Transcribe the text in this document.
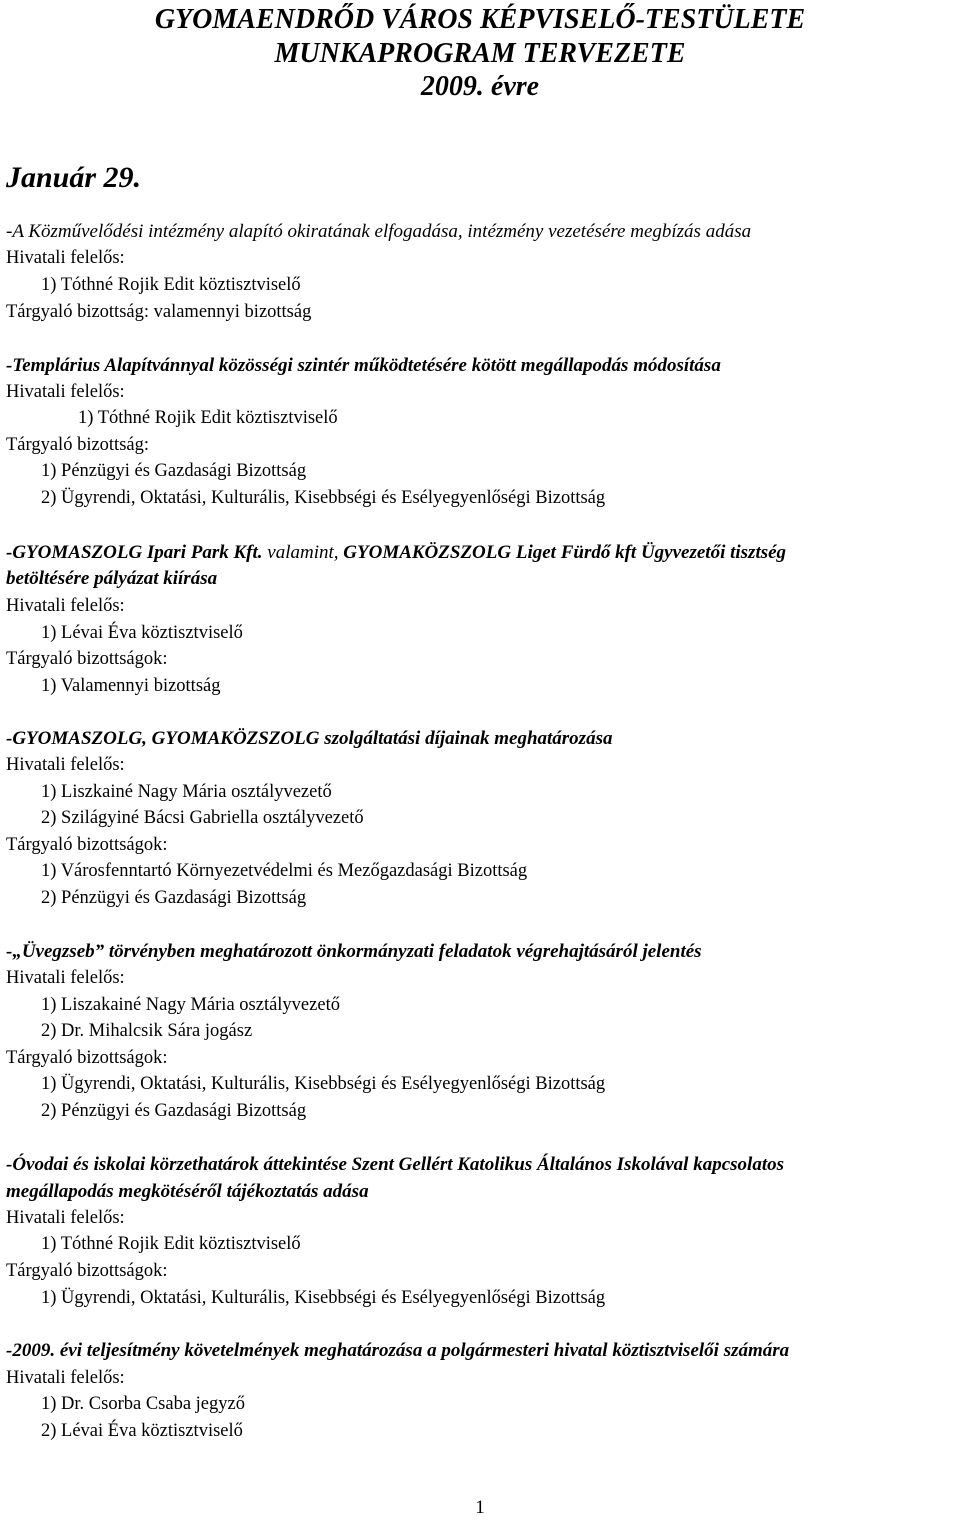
GYOMAENDRŐD VÁROS KÉPVISELŐ-TESTÜLETE
MUNKAPROGRAM TERVEZETE
2009. évre
Január 29.

-A Közművelődési intézmény alapító okiratának elfogadása, intézmény vezetésére megbízás adása

Hivatali felelős:

1) Tóthné Rojik Edit köztisztviselő

Tárgyaló bizottság: valamennyi bizottság

-Templárius Alapítvánnyal közösségi szintér működtetésére kötött megállapodás módosítása

Hivatali felelős:

1) Tóthné Rojik Edit köztisztviselő

Tárgyaló bizottság:

1) Pénzügyi és Gazdasági Bizottság

2) Ügyrendi, Oktatási, Kulturális, Kisebbségi és Esélyegyenlőségi Bizottság

-GYOMASZOLG Ipari Park Kft. valamint, GYOMAKÖZSZOLG Liget Fürdő kft Ügyvezetői tisztség

betöltésére pályázat kiírása

Hivatali felelős:

1) Lévai Éva köztisztviselő

Tárgyaló bizottságok:

1) Valamennyi bizottság

-GYOMASZOLG, GYOMAKÖZSZOLG szolgáltatási díjainak meghatározása

Hivatali felelős:

1) Liszkainé Nagy Mária osztályvezető

2) Szilágyiné Bácsi Gabriella osztályvezető

Tárgyaló bizottságok:

1) Városfenntartó Környezetvédelmi és Mezőgazdasági Bizottság

2) Pénzügyi és Gazdasági Bizottság

-„Üvegzseb” törvényben meghatározott önkormányzati feladatok végrehajtásáról jelentés

Hivatali felelős:

1) Liszakainé Nagy Mária osztályvezető

2) Dr. Mihalcsik Sára jogász

Tárgyaló bizottságok:

1) Ügyrendi, Oktatási, Kulturális, Kisebbségi és Esélyegyenlőségi Bizottság

2) Pénzügyi és Gazdasági Bizottság

-Óvodai és iskolai körzethatárok áttekintése Szent Gellért Katolikus Általános Iskolával kapcsolatos

megállapodás megkötéséről tájékoztatás adása

Hivatali felelős:

1) Tóthné Rojik Edit köztisztviselő

Tárgyaló bizottságok:

1) Ügyrendi, Oktatási, Kulturális, Kisebbségi és Esélyegyenlőségi Bizottság

-2009. évi teljesítmény követelmények meghatározása a polgármesteri hivatal köztisztviselői számára

Hivatali felelős:

1) Dr. Csorba Csaba jegyző

2) Lévai Éva köztisztviselő

1
